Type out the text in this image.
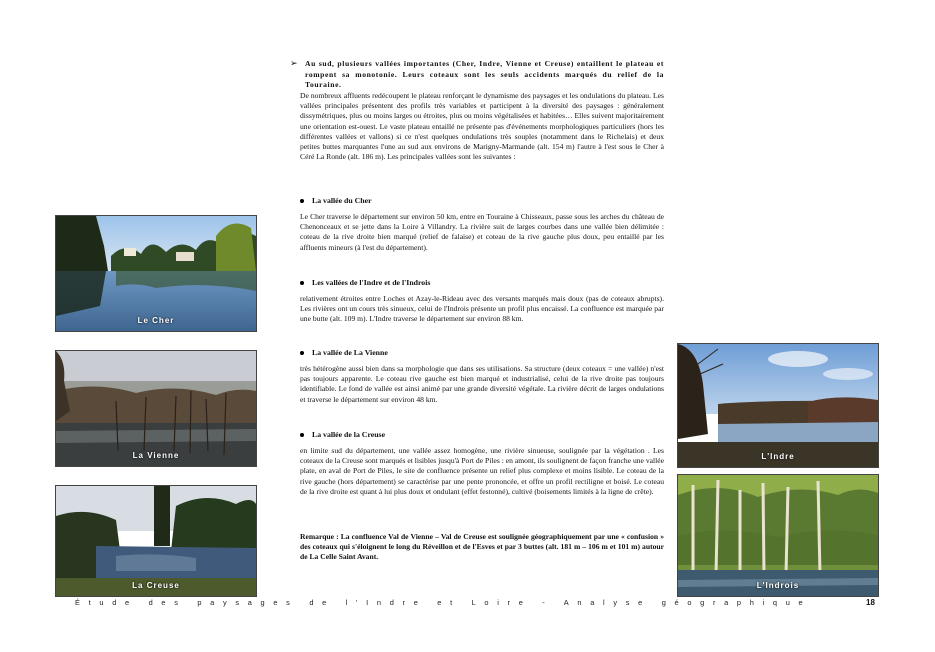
➢ Au sud, plusieurs vallées importantes (Cher, Indre, Vienne et Creuse) entaillent le plateau et rompent sa monotonie. Leurs coteaux sont les seuls accidents marqués du relief de la Touraine.
De nombreux affluents redécoupent le plateau renforçant le dynamisme des paysages et les ondulations du plateau. Les vallées principales présentent des profils très variables et participent à la diversité des paysages : généralement dissymétriques, plus ou moins larges ou étroites, plus ou moins végétalisées et habitées… Elles suivent majoritairement une orientation est-ouest. Le vaste plateau entaillé ne présente pas d'événements morphologiques particuliers (hors les différentes vallées et vallons) si ce n'est quelques ondulations très souples (notamment dans le Richelais) et deux petites buttes marquantes l'une au sud aux environs de Marigny-Marmande (alt. 154 m) l'autre à l'est sous le Cher à Céré La Ronde (alt. 186 m). Les principales vallées sont les suivantes :
La vallée du Cher
Le Cher traverse le département sur environ 50 km, entre en Touraine à Chisseaux, passe sous les arches du château de Chenonceaux et se jette dans la Loire à Villandry. La rivière suit de larges courbes dans une vallée bien délimitée : coteau de la rive droite bien marqué (relief de falaise) et coteau de la rive gauche plus doux, peu entaillé par les affluents mineurs (à l'est du département).
Les vallées de l'Indre et de l'Indrois
relativement étroites entre Loches et Azay-le-Rideau avec des versants marqués mais doux (pas de coteaux abrupts). Les rivières ont un cours très sinueux, celui de l'Indrois présente un profil plus encaissé. La confluence est marquée par une butte (alt. 109 m). L'Indre traverse le département sur environ 88 km.
La vallée de La Vienne
très hétérogène aussi bien dans sa morphologie que dans ses utilisations. Sa structure (deux coteaux = une vallée) n'est pas toujours apparente. Le coteau rive gauche est bien marqué et industrialisé, celui de la rive droite pas toujours identifiable. Le fond de vallée est ainsi animé par une grande diversité végétale. La rivière décrit de larges ondulations et traverse le département sur environ 48 km.
La vallée de la Creuse
en limite sud du département, une vallée assez homogène, une rivière sinueuse, soulignée par la végétation . Les coteaux de la Creuse sont marqués et lisibles jusqu'à Port de Piles : en amont, ils soulignent de façon franche une vallée plate, en aval de Port de Piles, le site de confluence présente un relief plus complexe et moins lisible. Le coteau de la rive gauche (hors département) se caractérise par une pente prononcée, et offre un profil rectiligne et boisé. Le coteau de la rive droite est quant à lui plus doux et ondulant (effet festonné), cultivé (boisements limités à la ligne de crête).
Remarque : La confluence Val de Vienne – Val de Creuse est soulignée géographiquement par une « confusion » des coteaux qui s'éloignent le long du Réveillon et de l'Esves et par 3 buttes (alt. 181 m – 106 m et 101 m) autour de La Celle Saint Avant.
Le Cher
La Vienne
La Creuse
L'Indre
L'Indrois
Étude des paysages de l'Indre et Loire - Analyse géographique	18
